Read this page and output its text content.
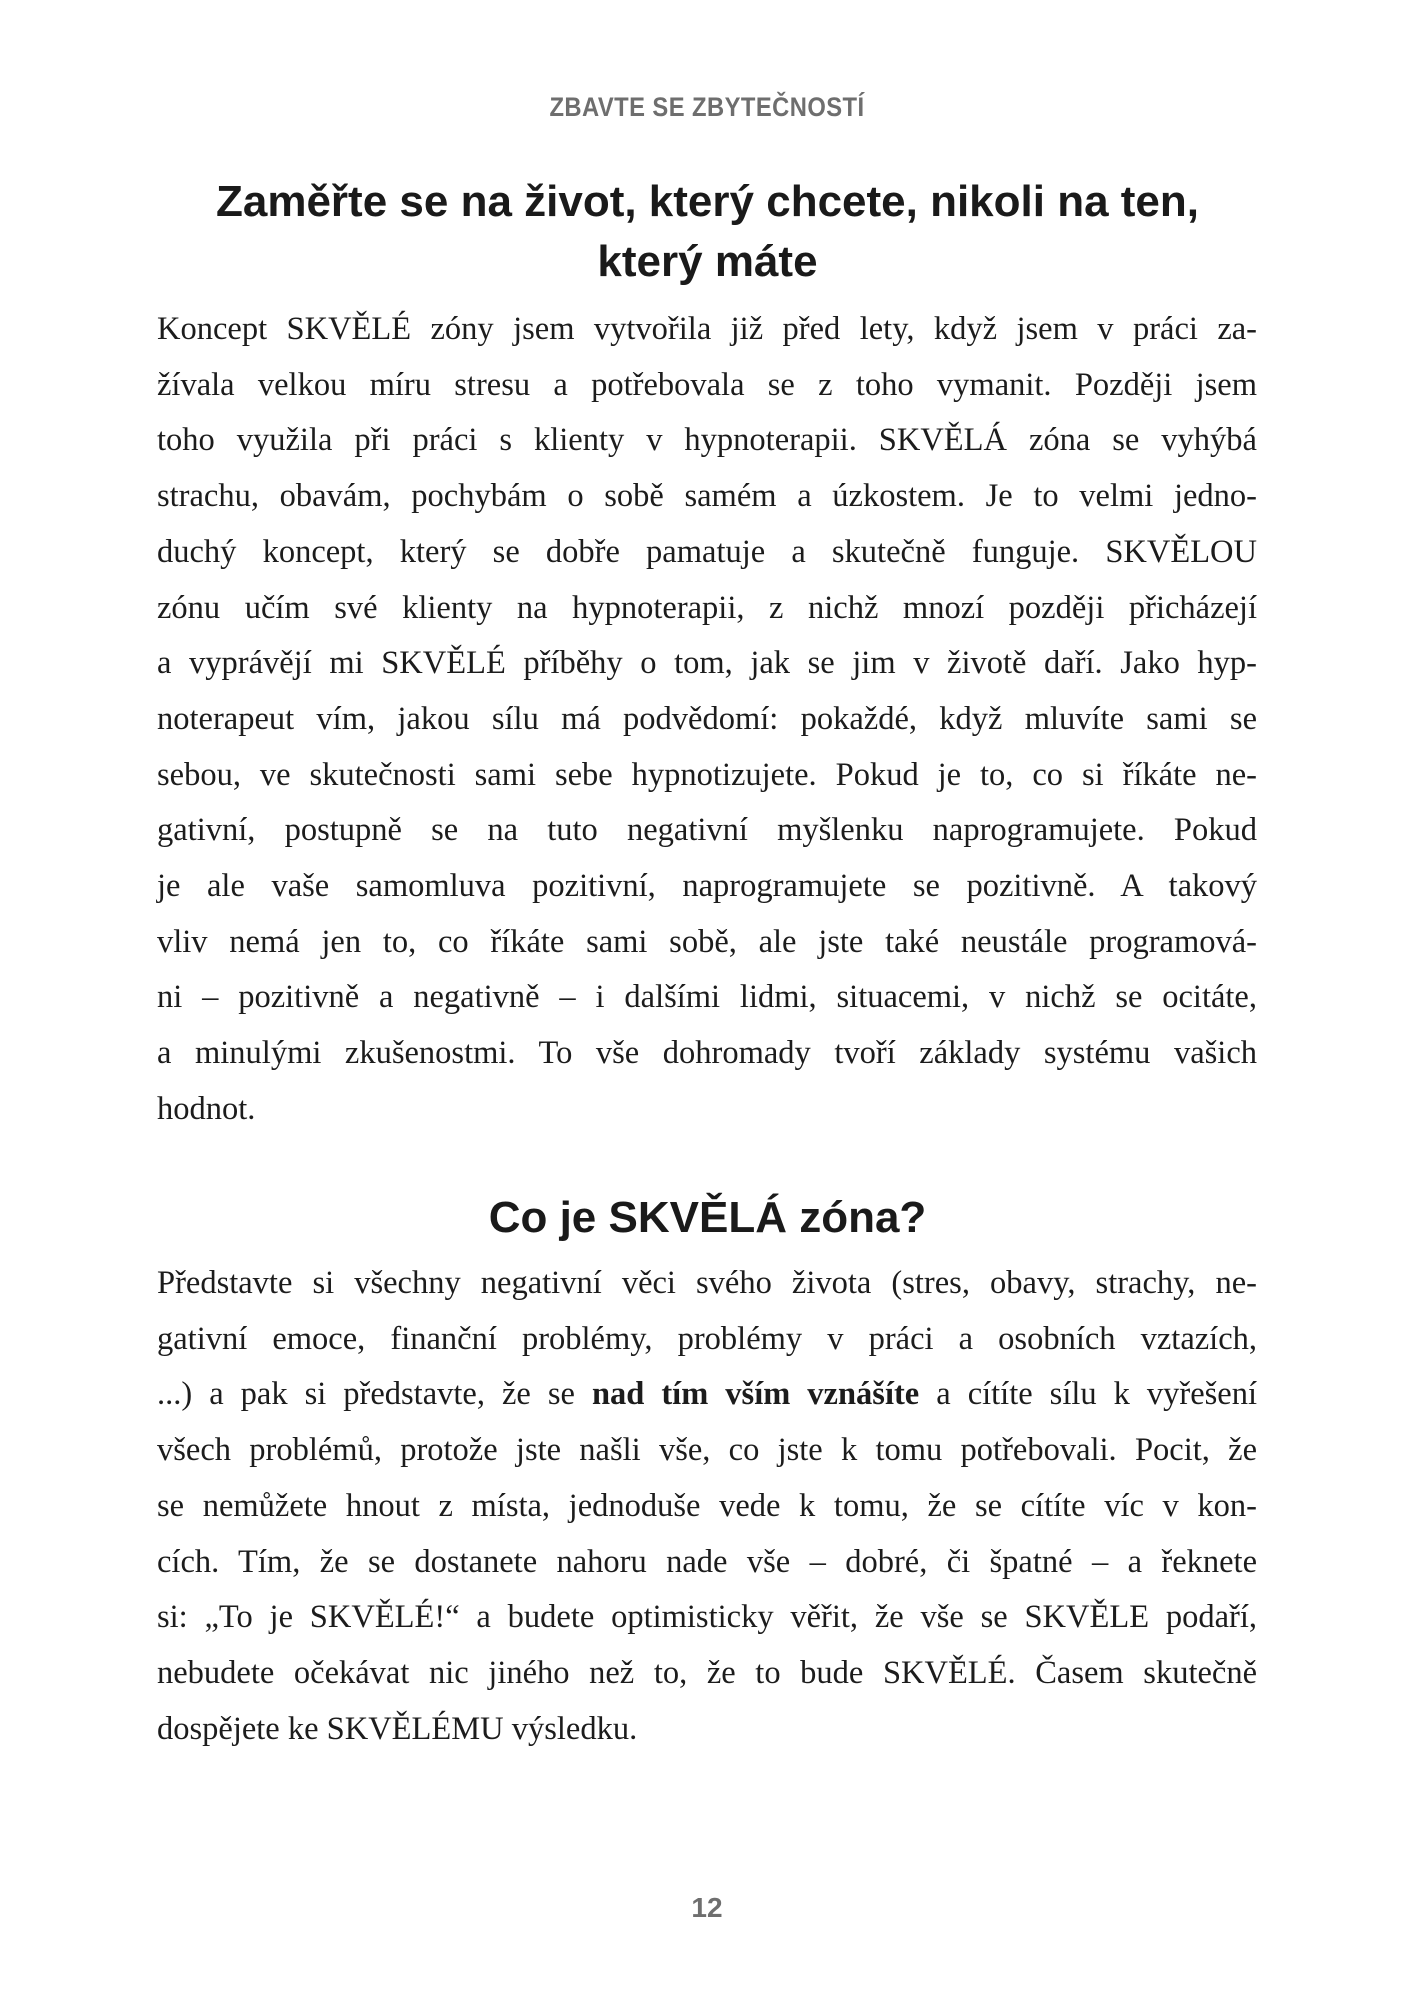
ZBAVTE SE ZBYTEČNOSTÍ
Zaměřte se na život, který chcete, nikoli na ten,
který máte
Koncept SKVĚLÉ zóny jsem vytvořila již před lety, když jsem v práci za-
žívala velkou míru stresu a potřebovala se z toho vymanit. Později jsem
toho využila při práci s klienty v hypnoterapii. SKVĚLÁ zóna se vyhýbá
strachu, obavám, pochybám o sobě samém a úzkostem. Je to velmi jedno-
duchý koncept, který se dobře pamatuje a skutečně funguje. SKVĚLOU
zónu učím své klienty na hypnoterapii, z nichž mnozí později přicházejí
a vyprávějí mi SKVĚLÉ příběhy o tom, jak se jim v životě daří. Jako hyp-
noterapeut vím, jakou sílu má podvědomí: pokaždé, když mluvíte sami se
sebou, ve skutečnosti sami sebe hypnotizujete. Pokud je to, co si říkáte ne-
gativní, postupně se na tuto negativní myšlenku naprogramujete. Pokud
je ale vaše samomluva pozitivní, naprogramujete se pozitivně. A takový
vliv nemá jen to, co říkáte sami sobě, ale jste také neustále programová-
ni – pozitivně a negativně – i dalšími lidmi, situacemi, v nichž se ocitáte,
a minulými zkušenostmi. To vše dohromady tvoří základy systému vašich
hodnot.
Co je SKVĚLÁ zóna?
Představte si všechny negativní věci svého života (stres, obavy, strachy, ne-
gativní emoce, finanční problémy, problémy v práci a osobních vztazích,
...) a pak si představte, že se nad tím vším vznášíte a cítíte sílu k vyřešení
všech problémů, protože jste našli vše, co jste k tomu potřebovali. Pocit, že
se nemůžete hnout z místa, jednoduše vede k tomu, že se cítíte víc v kon-
cích. Tím, že se dostanete nahoru nade vše – dobré, či špatné – a řeknete
si: „To je SKVĚLÉ!“ a budete optimisticky věřit, že vše se SKVĚLE podaří,
nebudete očekávat nic jiného než to, že to bude SKVĚLÉ. Časem skutečně
dospějete ke SKVĚLÉMU výsledku.
12
